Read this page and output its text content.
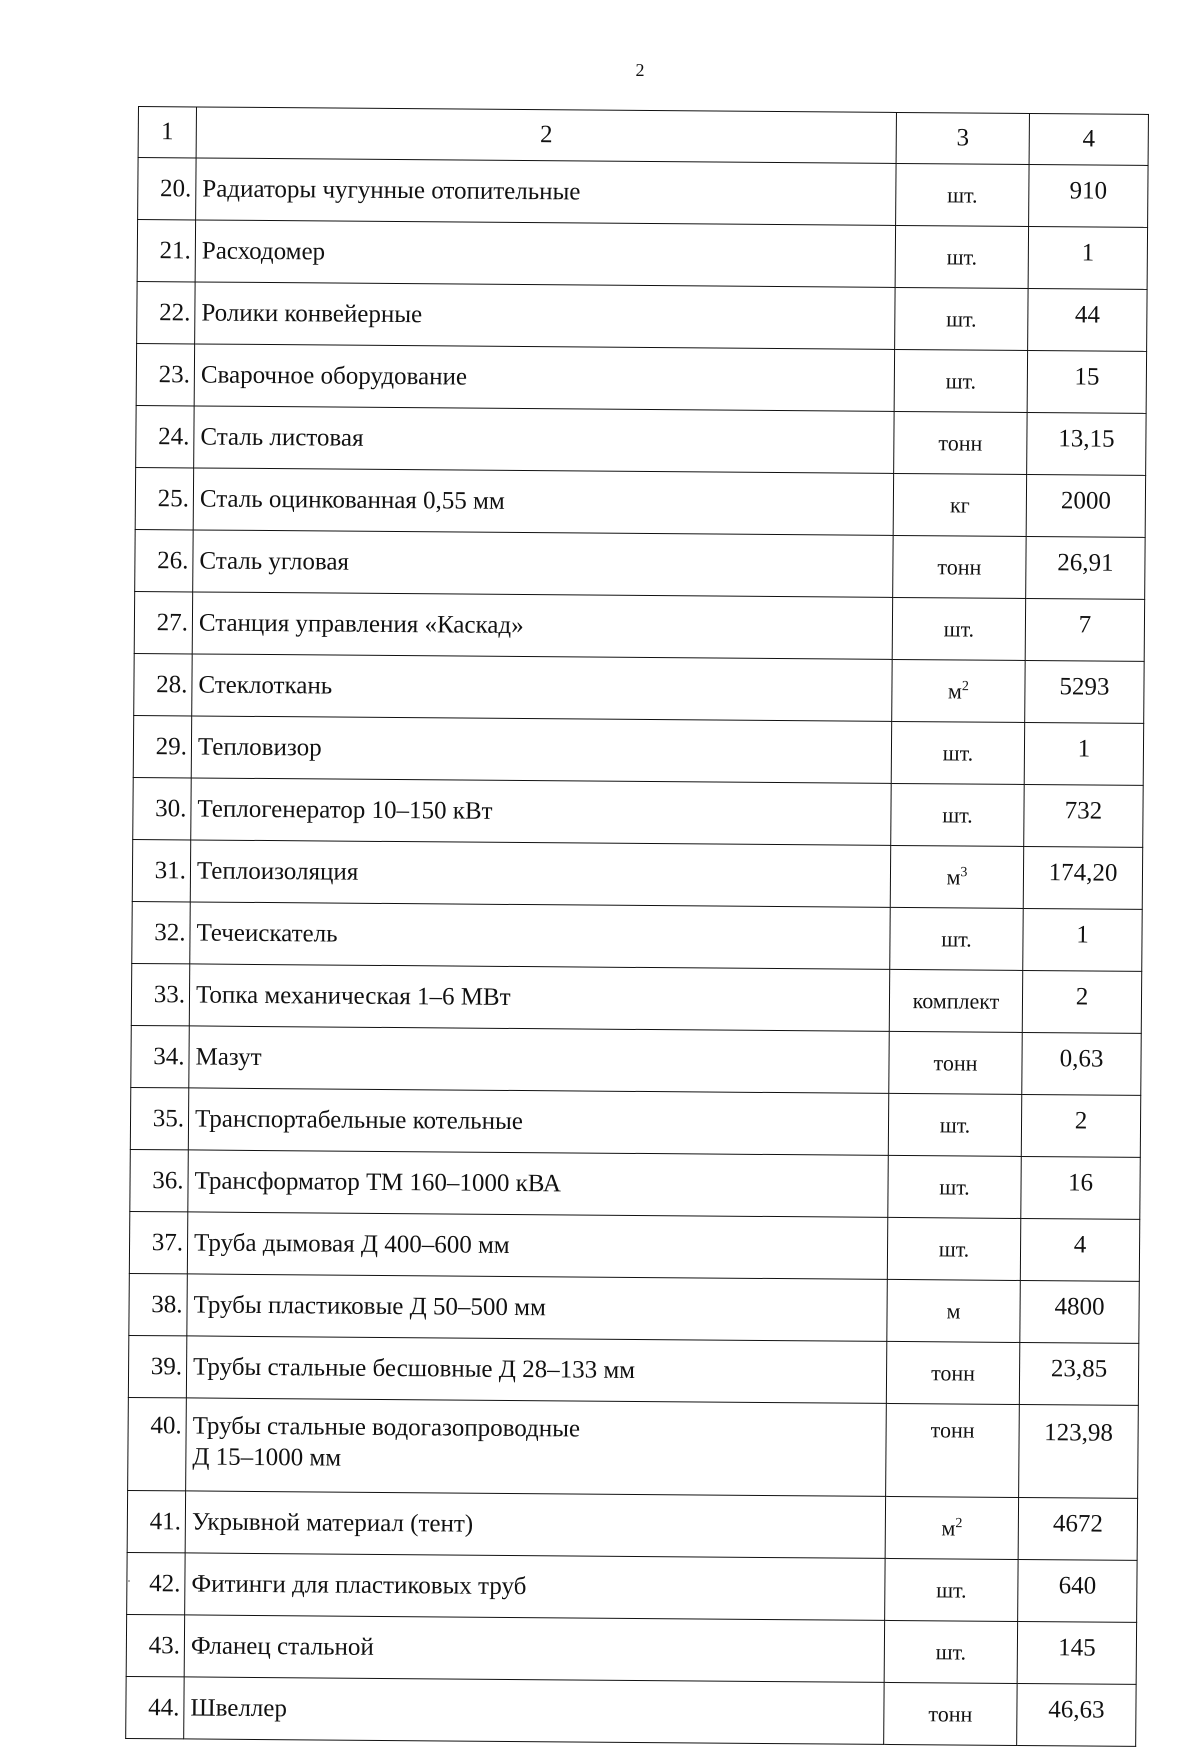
2
1	2	3	4
20.	Радиаторы чугунные отопительные	шт.	910
21.	Расходомер	шт.	1
22.	Ролики конвейерные	шт.	44
23.	Сварочное оборудование	шт.	15
24.	Сталь листовая	тонн	13,15
25.	Сталь оцинкованная 0,55 мм	кг	2000
26.	Сталь угловая	тонн	26,91
27.	Станция управления «Каскад»	шт.	7
28.	Стеклоткань	$м^2$	5293
29.	Тепловизор	шт.	1
30.	Теплогенератор 10–150 кВт	шт.	732
31.	Теплоизоляция	$м^3$	174,20
32.	Течеискатель	шт.	1
33.	Топка механическая 1–6 МВт	комплект	2
34.	Мазут	тонн	0,63
35.	Транспортабельные котельные	шт.	2
36.	Трансформатор ТМ 160–1000 кВА	шт.	16
37.	Труба дымовая Д 400–600 мм	шт.	4
38.	Трубы пластиковые Д 50–500 мм	м	4800
39.	Трубы стальные бесшовные Д 28–133 мм	тонн	23,85
40.	Трубы стальные водогазопроводные
Д 15–1000 мм	тонн	123,98
41.	Укрывной материал (тент)	$м^2$	4672
42.	Фитинги для пластиковых труб	шт.	640
43.	Фланец стальной	шт.	145
44.	Швеллер	тонн	46,63
